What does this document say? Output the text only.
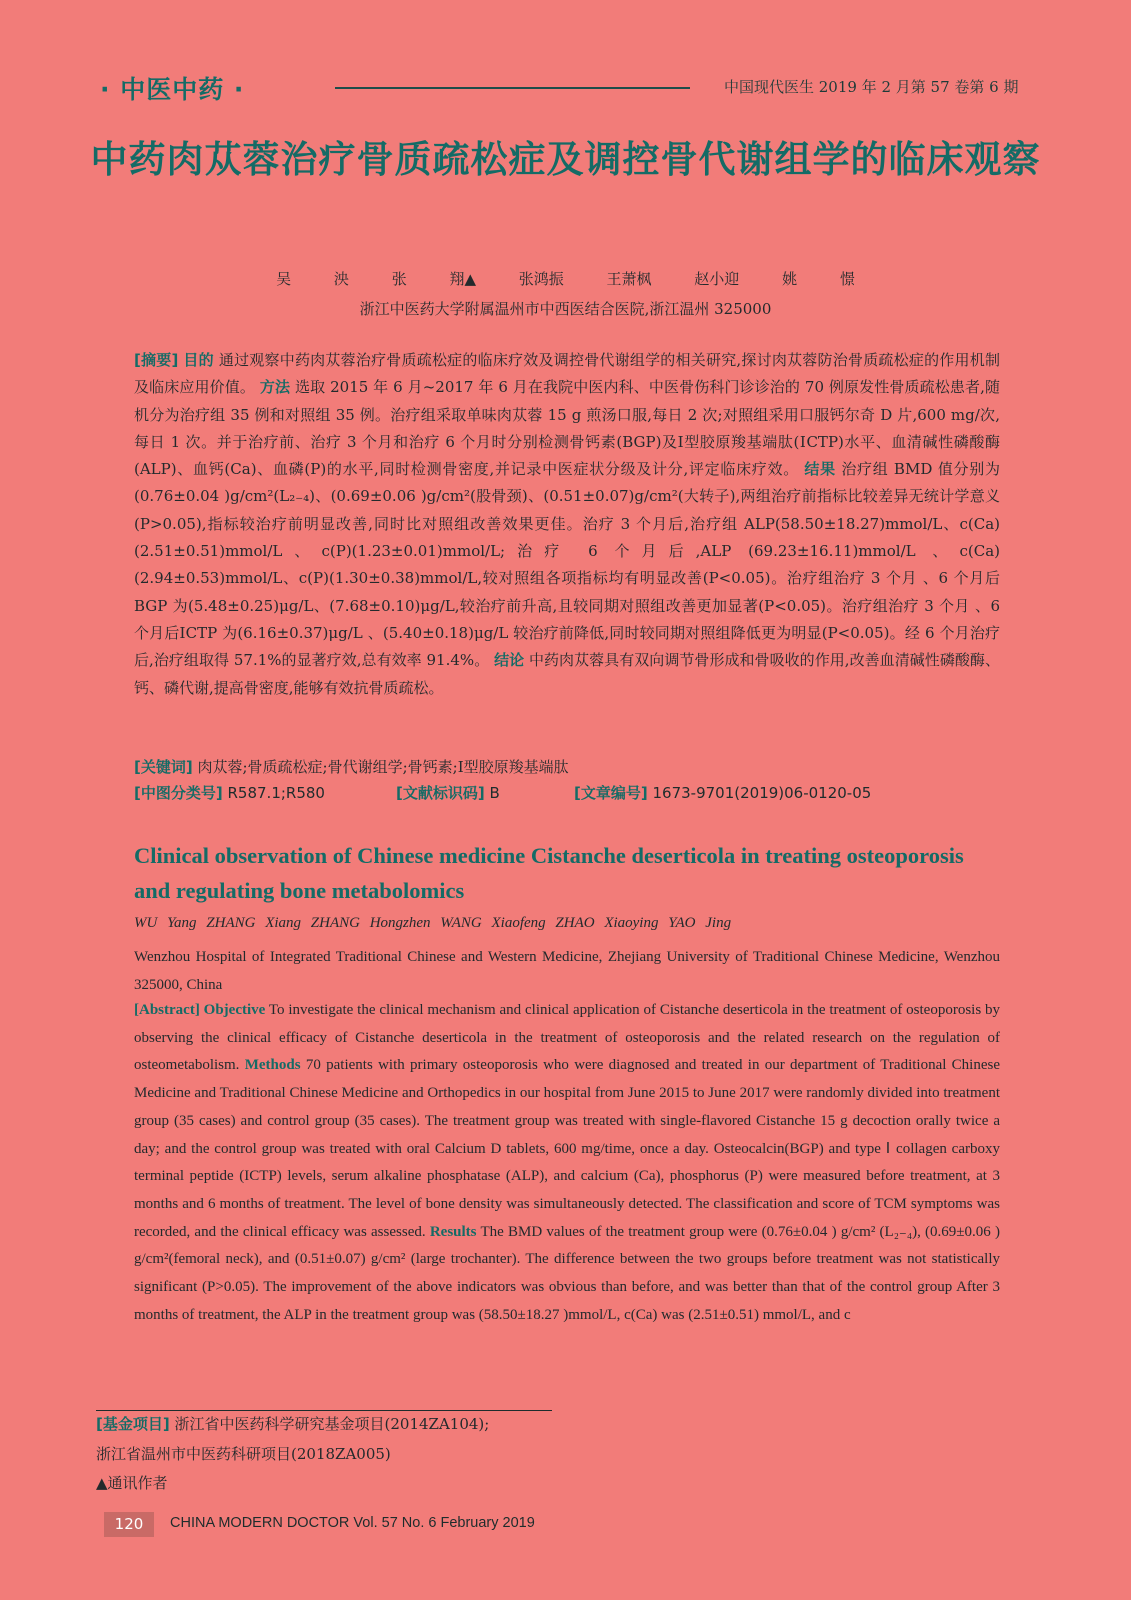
· 中医中药 ·	中国现代医生 2019 年 2 月第 57 卷第 6 期
中药肉苁蓉治疗骨质疏松症及调控骨代谢组学的临床观察
吴 泱 张 翔▲ 张鸿振 王萧枫 赵小迎 姚 憬
浙江中医药大学附属温州市中西医结合医院,浙江温州 325000
[摘要] 目的 通过观察中药肉苁蓉治疗骨质疏松症的临床疗效及调控骨代谢组学的相关研究,探讨肉苁蓉防治骨质疏松症的作用机制及临床应用价值。 方法 选取 2015 年 6 月~2017 年 6 月在我院中医内科、中医骨伤科门诊诊治的 70 例原发性骨质疏松患者,随机分为治疗组 35 例和对照组 35 例。治疗组采取单味肉苁蓉 15 g 煎汤口服,每日 2 次;对照组采用口服钙尔奇 D 片,600 mg/次,每日 1 次。并于治疗前、治疗 3 个月和治疗 6 个月时分别检测骨钙素(BGP)及Ⅰ型胶原羧基端肽(ⅠCTP)水平、血清碱性磷酸酶(ALP)、血钙(Ca)、血磷(P)的水平,同时检测骨密度,并记录中医症状分级及计分,评定临床疗效。 结果 治疗组 BMD 值分别为(0.76±0.04 )g/cm²(L₂₋₄)、(0.69±0.06 )g/cm²(股骨颈)、(0.51±0.07)g/cm²(大转子),两组治疗前指标比较差异无统计学意义(P>0.05),指标较治疗前明显改善,同时比对照组改善效果更佳。治疗 3 个月后,治疗组 ALP(58.50±18.27)mmol/L、c(Ca)(2.51±0.51)mmol/L、c(P)(1.23±0.01)mmol/L;治疗 6 个月后,ALP (69.23±16.11)mmol/L 、c(Ca)(2.94±0.53)mmol/L、c(P)(1.30±0.38)mmol/L,较对照组各项指标均有明显改善(P<0.05)。治疗组治疗 3 个月 、6 个月后 BGP 为(5.48±0.25)μg/L、(7.68±0.10)μg/L,较治疗前升高,且较同期对照组改善更加显著(P<0.05)。治疗组治疗 3 个月 、6 个月后ⅠCTP 为(6.16±0.37)μg/L 、(5.40±0.18)μg/L 较治疗前降低,同时较同期对照组降低更为明显(P<0.05)。经 6 个月治疗后,治疗组取得 57.1%的显著疗效,总有效率 91.4%。 结论 中药肉苁蓉具有双向调节骨形成和骨吸收的作用,改善血清碱性磷酸酶、钙、磷代谢,提高骨密度,能够有效抗骨质疏松。
[关键词] 肉苁蓉;骨质疏松症;骨代谢组学;骨钙素;Ⅰ型胶原羧基端肽
[中图分类号] R587.1;R580	[文献标识码] B	[文章编号] 1673-9701(2019)06-0120-05
Clinical observation of Chinese medicine Cistanche deserticola in treating osteoporosis and regulating bone metabolomics
WU Yang ZHANG Xiang ZHANG Hongzhen WANG Xiaofeng ZHAO Xiaoying YAO Jing
Wenzhou Hospital of Integrated Traditional Chinese and Western Medicine, Zhejiang University of Traditional Chinese Medicine, Wenzhou 325000, China
[Abstract] Objective To investigate the clinical mechanism and clinical application of Cistanche deserticola in the treatment of osteoporosis by observing the clinical efficacy of Cistanche deserticola in the treatment of osteoporosis and the related research on the regulation of osteometabolism. Methods 70 patients with primary osteoporosis who were diagnosed and treated in our department of Traditional Chinese Medicine and Traditional Chinese Medicine and Orthopedics in our hospital from June 2015 to June 2017 were randomly divided into treatment group (35 cases) and control group (35 cases). The treatment group was treated with single-flavored Cistanche 15 g decoction orally twice a day; and the control group was treated with oral Calcium D tablets, 600 mg/time, once a day. Osteocalcin(BGP) and type Ⅰ collagen carboxy terminal peptide (ICTP) levels, serum alkaline phosphatase (ALP), and calcium (Ca), phosphorus (P) were measured before treatment, at 3 months and 6 months of treatment. The level of bone density was simultaneously detected. The classification and score of TCM symptoms was recorded, and the clinical efficacy was assessed. Results The BMD values of the treatment group were (0.76±0.04 ) g/cm² (L₂₋₄), (0.69±0.06 ) g/cm²(femoral neck), and (0.51±0.07) g/cm² (large trochanter). The difference between the two groups before treatment was not statistically significant (P>0.05). The improvement of the above indicators was obvious than before, and was better than that of the control group After 3 months of treatment, the ALP in the treatment group was (58.50±18.27 )mmol/L, c(Ca) was (2.51±0.51) mmol/L, and c
[基金项目] 浙江省中医药科学研究基金项目(2014ZA104);
浙江省温州市中医药科研项目(2018ZA005)
▲通讯作者
120	CHINA MODERN DOCTOR Vol. 57 No. 6 February 2019
